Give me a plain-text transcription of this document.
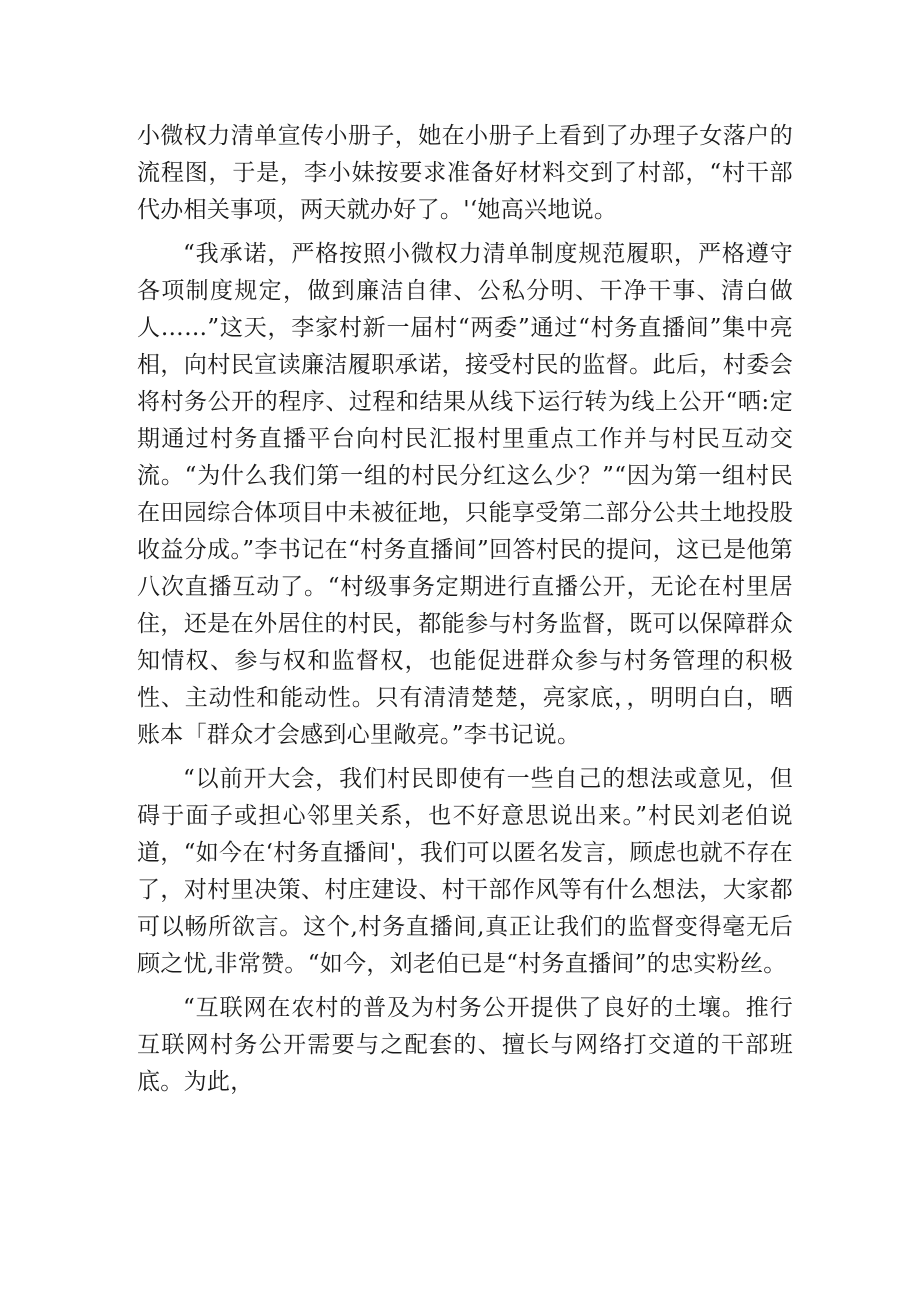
小微权力清单宣传小册子，她在小册子上看到了办理子女落户的流程图，于是，李小妹按要求准备好材料交到了村部，“村干部代办相关事项，两天就办好了。'‘她高兴地说。

“我承诺，严格按照小微权力清单制度规范履职，严格遵守各项制度规定，做到廉洁自律、公私分明、干净干事、清白做人……”这天，李家村新一届村“两委”通过“村务直播间”集中亮相，向村民宣读廉洁履职承诺，接受村民的监督。此后，村委会将村务公开的程序、过程和结果从线下运行转为线上公开“晒:定期通过村务直播平台向村民汇报村里重点工作并与村民互动交流。“为什么我们第一组的村民分红这么少？”“因为第一组村民在田园综合体项目中未被征地，只能享受第二部分公共土地投股收益分成。”李书记在“村务直播间”回答村民的提问，这已是他第八次直播互动了。“村级事务定期进行直播公开，无论在村里居住，还是在外居住的村民，都能参与村务监督，既可以保障群众知情权、参与权和监督权，也能促进群众参与村务管理的积极性、主动性和能动性。只有清清楚楚，亮家底，，明明白白，晒账本「群众才会感到心里敞亮。”李书记说。

“以前开大会，我们村民即使有一些自己的想法或意见，但碍于面子或担心邻里关系，也不好意思说出来。”村民刘老伯说道，“如今在‘村务直播间'，我们可以匿名发言，顾虑也就不存在了，对村里决策、村庄建设、村干部作风等有什么想法，大家都可以畅所欲言。这个,村务直播间,真正让我们的监督变得毫无后顾之忧,非常赞。“如今，刘老伯已是“村务直播间”的忠实粉丝。

“互联网在农村的普及为村务公开提供了良好的土壤。推行互联网村务公开需要与之配套的、擅长与网络打交道的干部班底。为此，
